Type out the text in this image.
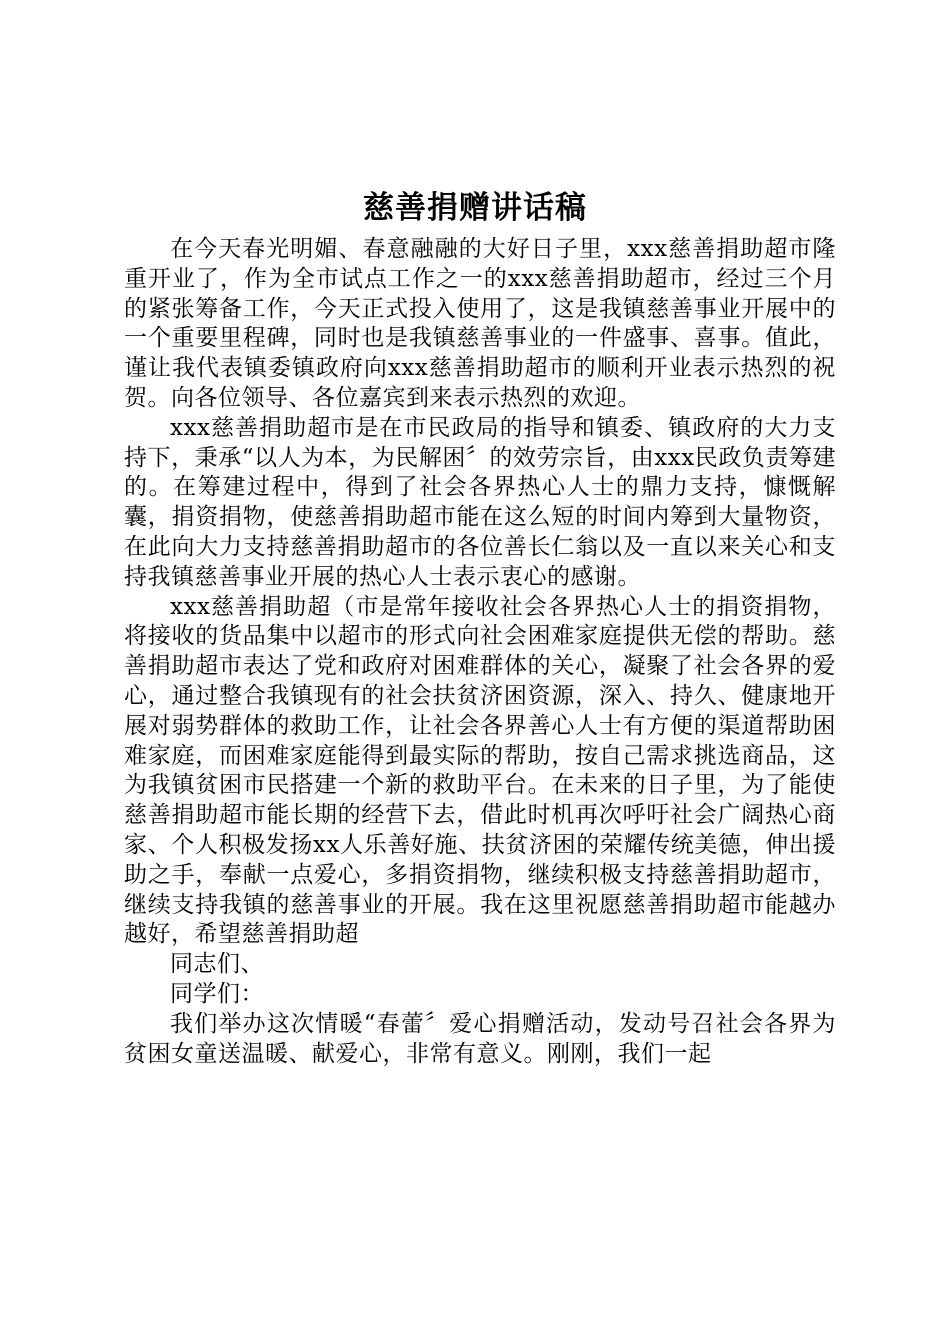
慈善捐赠讲话稿

在今天春光明媚、春意融融的大好日子里，xxx慈善捐助超市隆重开业了，作为全市试点工作之一的xxx慈善捐助超市，经过三个月的紧张筹备工作，今天正式投入使用了，这是我镇慈善事业开展中的一个重要里程碑，同时也是我镇慈善事业的一件盛事、喜事。值此，谨让我代表镇委镇政府向xxx慈善捐助超市的顺利开业表示热烈的祝贺。向各位领导、各位嘉宾到来表示热烈的欢迎。

xxx慈善捐助超市是在市民政局的指导和镇委、镇政府的大力支持下，秉承“以人为本，为民解困〞的效劳宗旨，由xxx民政负责筹建的。在筹建过程中，得到了社会各界热心人士的鼎力支持，慷慨解囊，捐资捐物，使慈善捐助超市能在这么短的时间内筹到大量物资，在此向大力支持慈善捐助超市的各位善长仁翁以及一直以来关心和支持我镇慈善事业开展的热心人士表示衷心的感谢。

xxx慈善捐助超（市是常年接收社会各界热心人士的捐资捐物，将接收的货品集中以超市的形式向社会困难家庭提供无偿的帮助。慈善捐助超市表达了党和政府对困难群体的关心，凝聚了社会各界的爱心，通过整合我镇现有的社会扶贫济困资源，深入、持久、健康地开展对弱势群体的救助工作，让社会各界善心人士有方便的渠道帮助困难家庭，而困难家庭能得到最实际的帮助，按自己需求挑选商品，这为我镇贫困市民搭建一个新的救助平台。在未来的日子里，为了能使慈善捐助超市能长期的经营下去，借此时机再次呼吁社会广阔热心商家、个人积极发扬xx人乐善好施、扶贫济困的荣耀传统美德，伸出援助之手，奉献一点爱心，多捐资捐物，继续积极支持慈善捐助超市，继续支持我镇的慈善事业的开展。我在这里祝愿慈善捐助超市能越办越好，希望慈善捐助超

同志们、

同学们：

我们举办这次情暖“春蕾〞爱心捐赠活动，发动号召社会各界为贫困女童送温暖、献爱心，非常有意义。刚刚，我们一起
